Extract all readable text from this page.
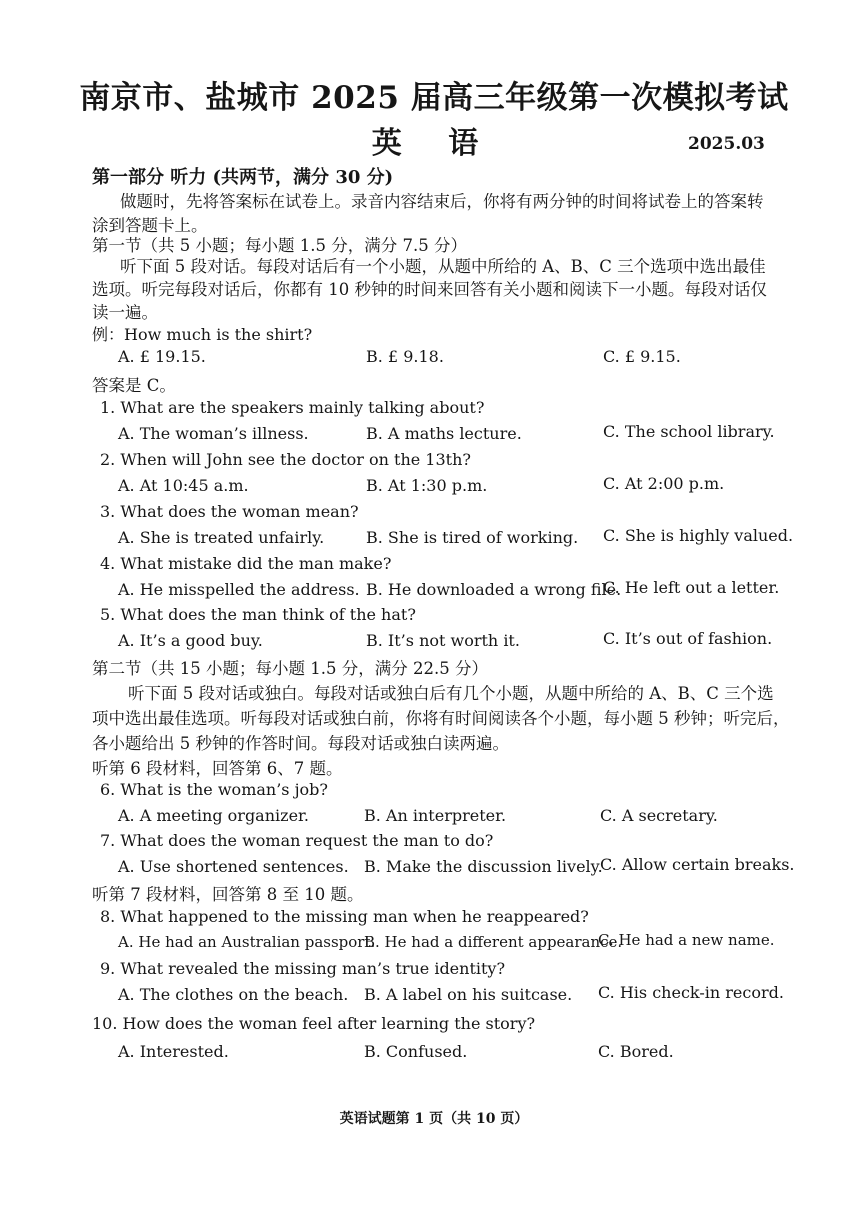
南京市、盐城市 2025 届高三年级第一次模拟考试
英 语	2025.03
第一部分 听力 (共两节，满分 30 分)
做题时，先将答案标在试卷上。录音内容结束后，你将有两分钟的时间将试卷上的答案转
涂到答题卡上。
第一节（共 5 小题；每小题 1.5 分，满分 7.5 分）
听下面 5 段对话。每段对话后有一个小题，从题中所给的 A、B、C 三个选项中选出最佳
选项。听完每段对话后，你都有 10 秒钟的时间来回答有关小题和阅读下一小题。每段对话仅
读一遍。
例：How much is the shirt?
A. £ 19.15.	B. £ 9.18.	C. £ 9.15.
答案是 C。
1. What are the speakers mainly talking about?
A. The woman’s illness.	B. A maths lecture.	C. The school library.
2. When will John see the doctor on the 13th?
A. At 10:45 a.m.	B. At 1:30 p.m.	C. At 2:00 p.m.
3. What does the woman mean?
A. She is treated unfairly.	B. She is tired of working. C. She is highly valued.
4. What mistake did the man make?
A. He misspelled the address. B. He downloaded a wrong file.
C. He left out a letter.
5. What does the man think of the hat?
A. It’s a good buy.	B. It’s not worth it.	C. It’s out of fashion.
第二节（共 15 小题；每小题 1.5 分，满分 22.5 分）
听下面 5 段对话或独白。每段对话或独白后有几个小题，从题中所给的 A、B、C 三个选
项中选出最佳选项。听每段对话或独白前，你将有时间阅读各个小题，每小题 5 秒钟；听完后，
各小题给出 5 秒钟的作答时间。每段对话或独白读两遍。
听第 6 段材料，回答第 6、7 题。
6. What is the woman’s job?
A. A meeting organizer.	B. An interpreter.	C. A secretary.
7. What does the woman request the man to do?
A. Use shortened sentences. B. Make the discussion lively.
C. Allow certain breaks.
听第 7 段材料，回答第 8 至 10 题。
8. What happened to the missing man when he reappeared?
A. He had an Australian passport.
B. He had a different appearance.
C. He had a new name.
9. What revealed the missing man’s true identity?
A. The clothes on the beach. B. A label on his suitcase. C. His check-in record.
10. How does the woman feel after learning the story?
A. Interested.	B. Confused.	C. Bored.
英语试题第 1 页（共 10 页）
